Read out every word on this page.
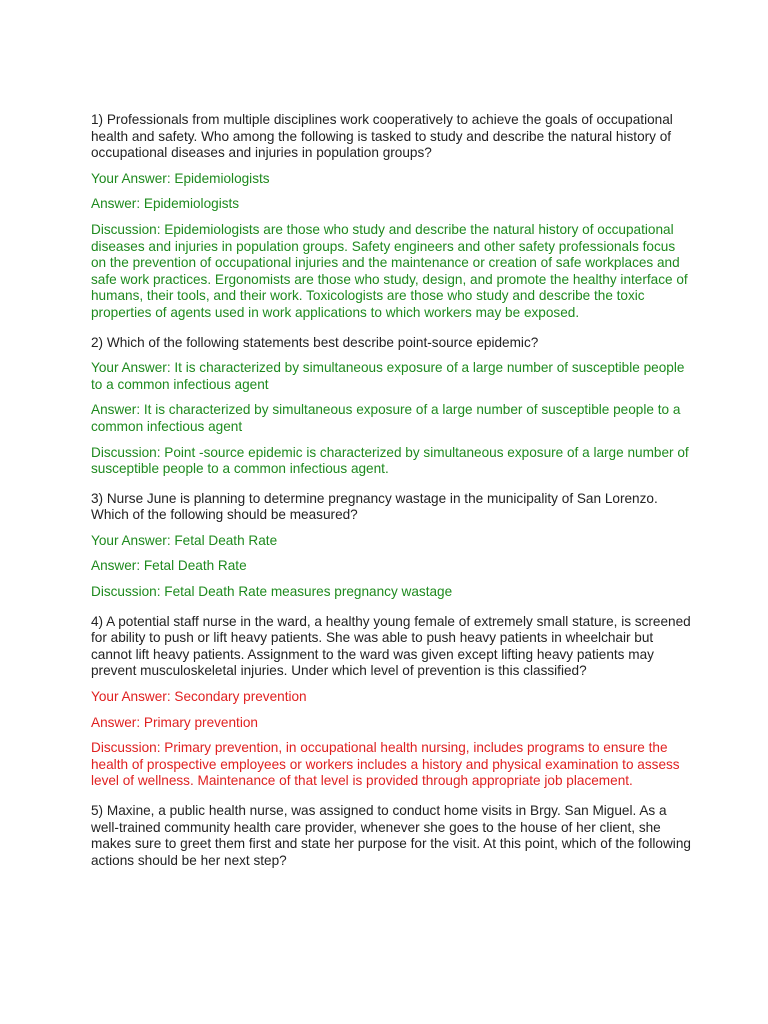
1) Professionals from multiple disciplines work cooperatively to achieve the goals of occupational health and safety. Who among the following is tasked to study and describe the natural history of occupational diseases and injuries in population groups?

Your Answer: Epidemiologists

Answer: Epidemiologists

Discussion: Epidemiologists are those who study and describe the natural history of occupational diseases and injuries in population groups. Safety engineers and other safety professionals focus on the prevention of occupational injuries and the maintenance or creation of safe workplaces and safe work practices. Ergonomists are those who study, design, and promote the healthy interface of humans, their tools, and their work. Toxicologists are those who study and describe the toxic properties of agents used in work applications to which workers may be exposed.

2) Which of the following statements best describe point-source epidemic?

Your Answer: It is characterized by simultaneous exposure of a large number of susceptible people to a common infectious agent

Answer: It is characterized by simultaneous exposure of a large number of susceptible people to a common infectious agent

Discussion: Point -source epidemic is characterized by simultaneous exposure of a large number of susceptible people to a common infectious agent.

3) Nurse June is planning to determine pregnancy wastage in the municipality of San Lorenzo. Which of the following should be measured?

Your Answer: Fetal Death Rate

Answer: Fetal Death Rate

Discussion: Fetal Death Rate measures pregnancy wastage

4) A potential staff nurse in the ward, a healthy young female of extremely small stature, is screened for ability to push or lift heavy patients. She was able to push heavy patients in wheelchair but cannot lift heavy patients. Assignment to the ward was given except lifting heavy patients may prevent musculoskeletal injuries. Under which level of prevention is this classified?

Your Answer: Secondary prevention

Answer: Primary prevention

Discussion: Primary prevention, in occupational health nursing, includes programs to ensure the health of prospective employees or workers includes a history and physical examination to assess level of wellness. Maintenance of that level is provided through appropriate job placement.

5) Maxine, a public health nurse, was assigned to conduct home visits in Brgy. San Miguel. As a well-trained community health care provider, whenever she goes to the house of her client, she makes sure to greet them first and state her purpose for the visit. At this point, which of the following actions should be her next step?
